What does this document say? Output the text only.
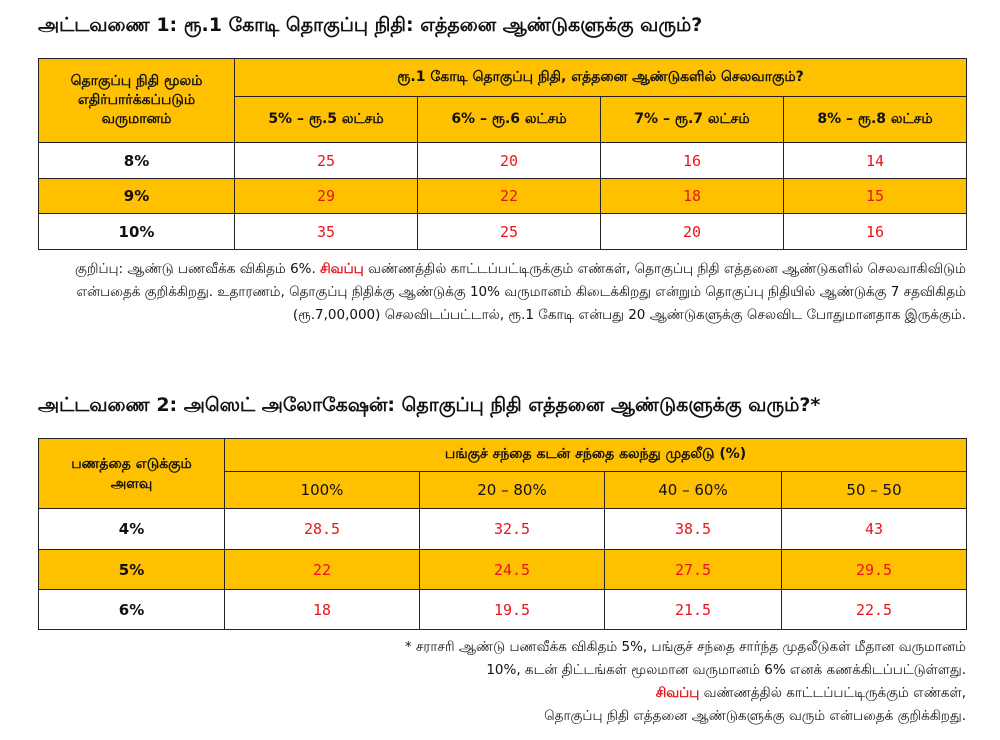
அட்டவணை 1: ரூ.1 கோடி தொகுப்பு நிதி: எத்தனை ஆண்டுகளுக்கு வரும்?
தொகுப்பு நிதி மூலம் எதிர்பார்க்கப்படும் வருமானம்	ரூ.1 கோடி தொகுப்பு நிதி, எத்தனை ஆண்டுகளில் செலவாகும்?			
	5% – ரூ.5 லட்சம்	6% – ரூ.6 லட்சம்	7% – ரூ.7 லட்சம்	8% – ரூ.8 லட்சம்
8%	25	20	16	14
9%	29	22	18	15
10%	35	25	20	16
குறிப்பு: ஆண்டு பணவீக்க விகிதம் 6%. சிவப்பு வண்ணத்தில் காட்டப்பட்டிருக்கும் எண்கள், தொகுப்பு நிதி எத்தனை ஆண்டுகளில் செலவாகிவிடும் என்பதைக் குறிக்கிறது. உதாரணம், தொகுப்பு நிதிக்கு ஆண்டுக்கு 10% வருமானம் கிடைக்கிறது என்றும் தொகுப்பு நிதியில் ஆண்டுக்கு 7 சதவிகிதம் (ரூ.7,00,000) செலவிடப்பட்டால், ரூ.1 கோடி என்பது 20 ஆண்டுகளுக்கு செலவிட போதுமானதாக இருக்கும்.
அட்டவணை 2: அஸெட் அலோகேஷன்: தொகுப்பு நிதி எத்தனை ஆண்டுகளுக்கு வரும்?*
பணத்தை எடுக்கும் அளவு	பங்குச் சந்தை கடன் சந்தை கலந்து முதலீடு (%)			
	100%	20 – 80%	40 – 60%	50 – 50
4%	28.5	32.5	38.5	43
5%	22	24.5	27.5	29.5
6%	18	19.5	21.5	22.5
* சராசரி ஆண்டு பணவீக்க விகிதம் 5%, பங்குச் சந்தை சார்ந்த முதலீடுகள் மீதான வருமானம்
10%, கடன் திட்டங்கள் மூலமான வருமானம் 6% எனக் கணக்கிடப்பட்டுள்ளது.
சிவப்பு வண்ணத்தில் காட்டப்பட்டிருக்கும் எண்கள்,
தொகுப்பு நிதி எத்தனை ஆண்டுகளுக்கு வரும் என்பதைக் குறிக்கிறது.
